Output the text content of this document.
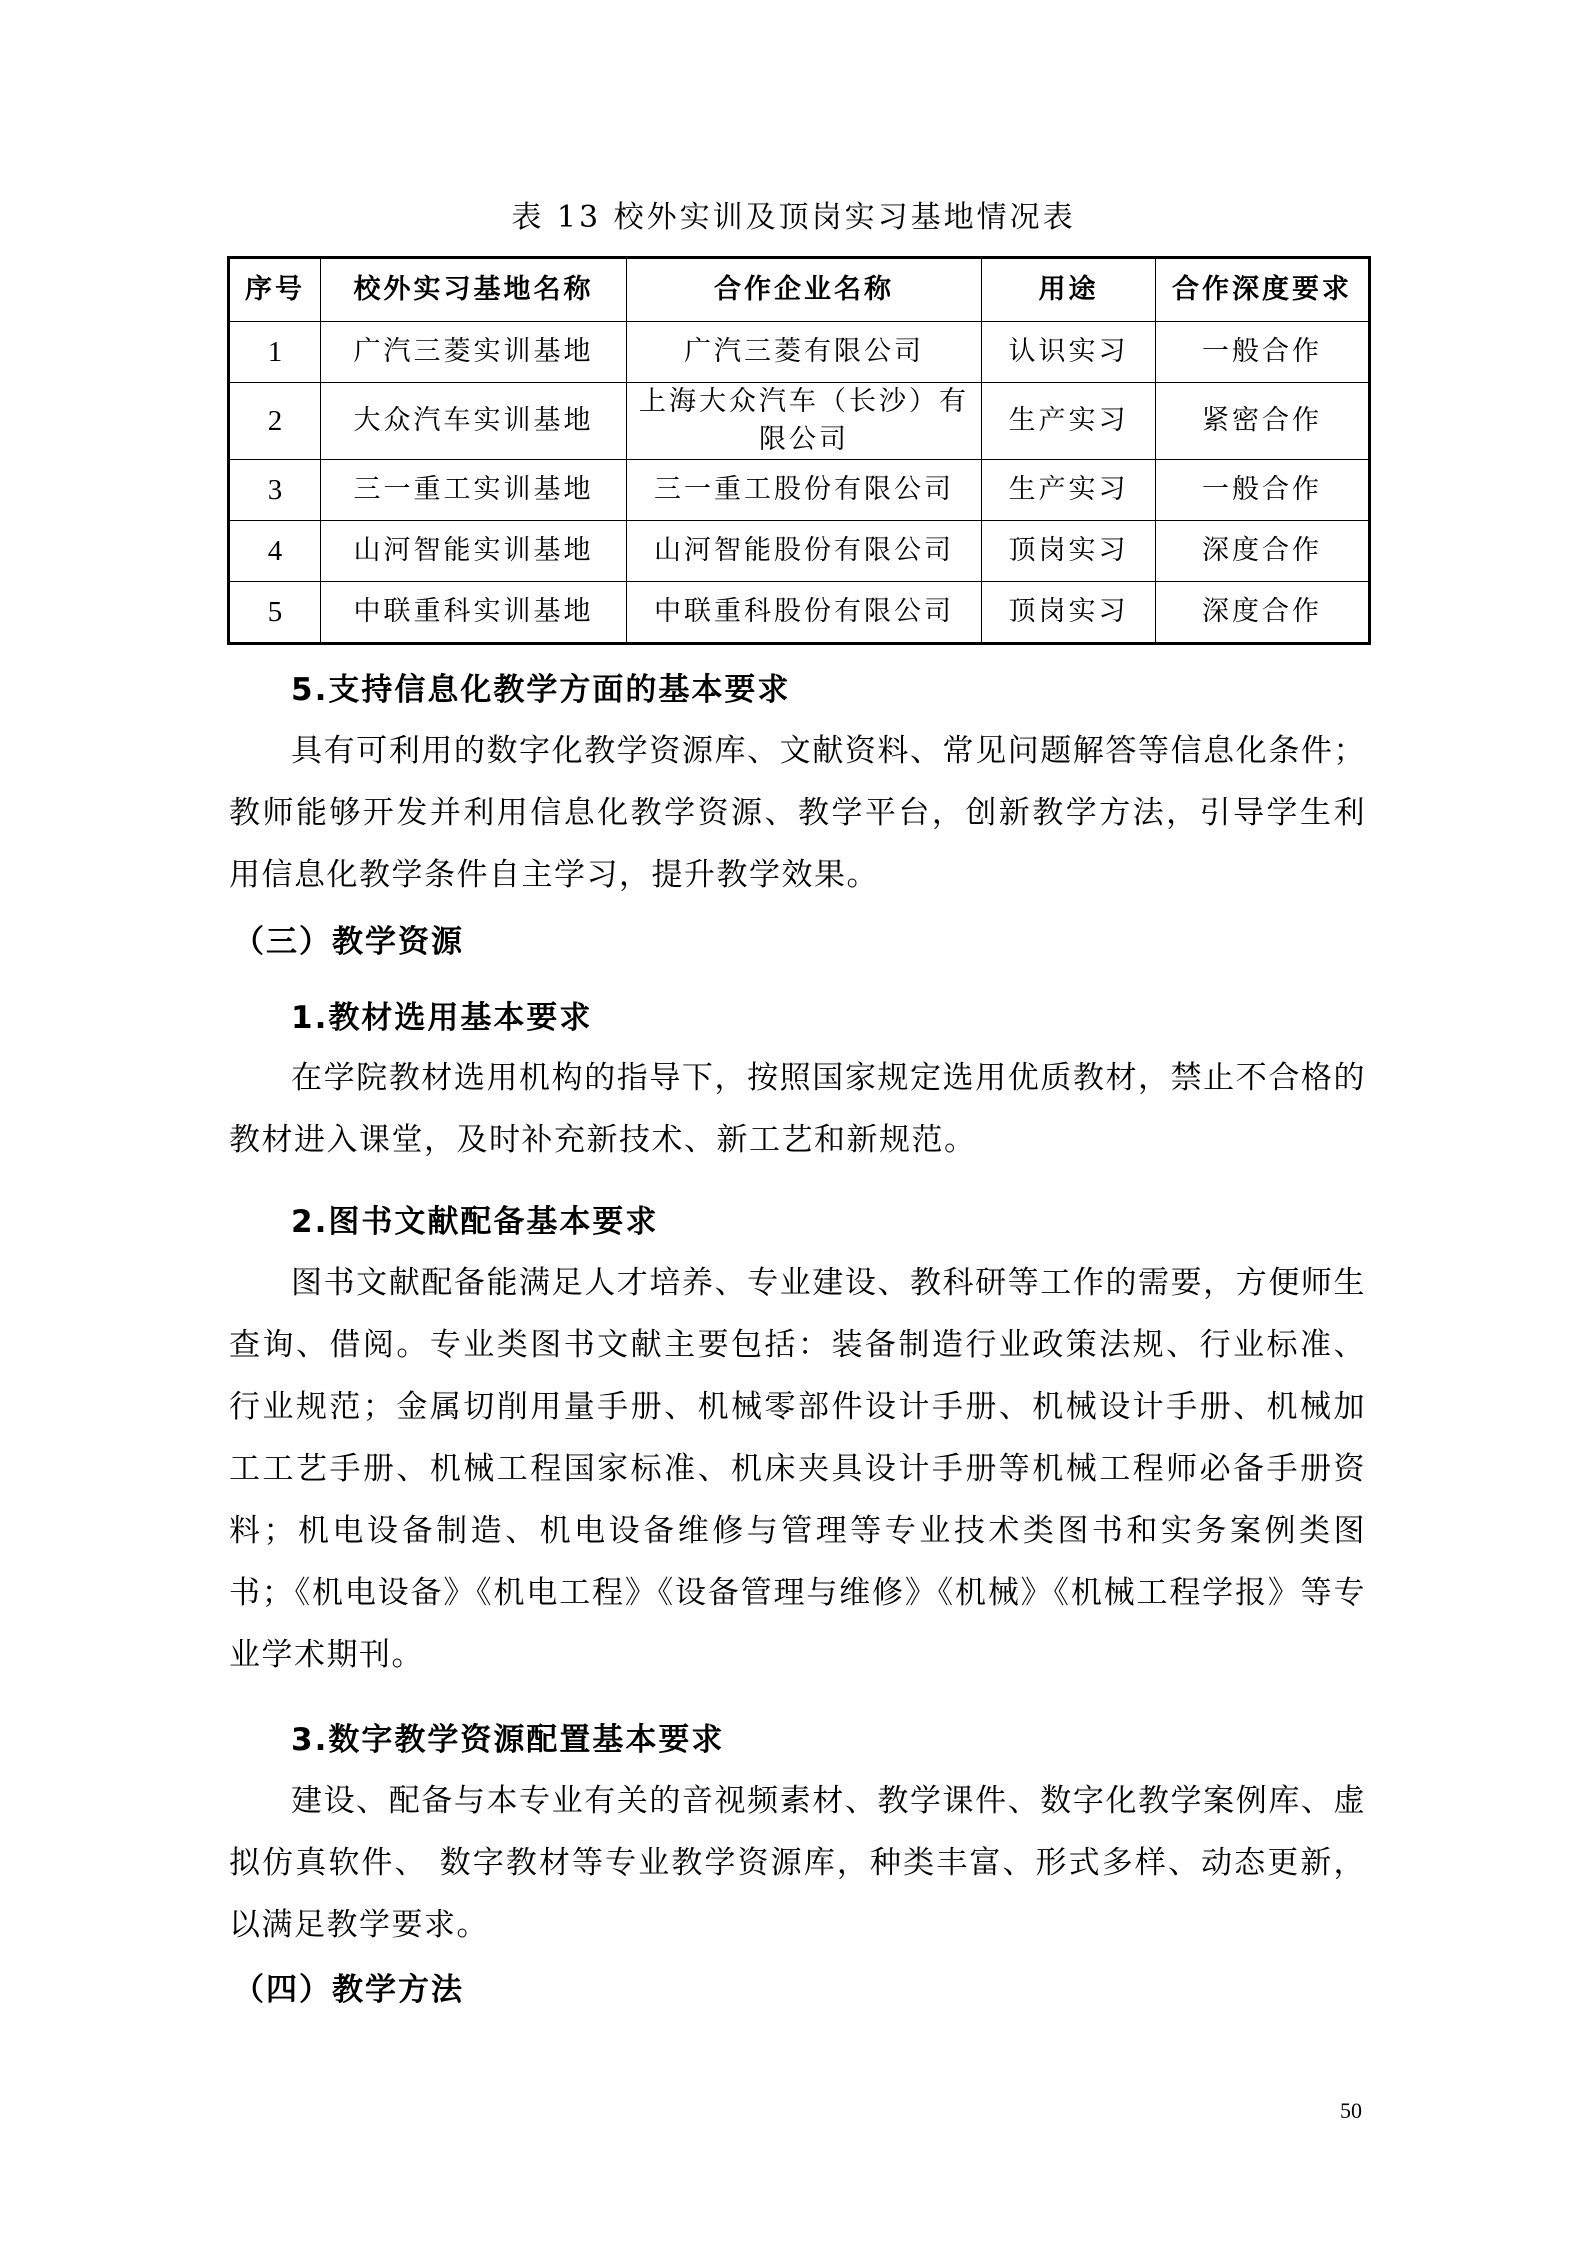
表 13 校外实训及顶岗实习基地情况表
序号	校外实习基地名称	合作企业名称	用途	合作深度要求
1	广汽三菱实训基地	广汽三菱有限公司	认识实习	一般合作
2	大众汽车实训基地	上海大众汽车（长沙）有限公司	生产实习	紧密合作
3	三一重工实训基地	三一重工股份有限公司	生产实习	一般合作
4	山河智能实训基地	山河智能股份有限公司	顶岗实习	深度合作
5	中联重科实训基地	中联重科股份有限公司	顶岗实习	深度合作
5.支持信息化教学方面的基本要求
具有可利用的数字化教学资源库、文献资料、常见问题解答等信息化条件；教师能够开发并利用信息化教学资源、教学平台，创新教学方法，引导学生利用信息化教学条件自主学习，提升教学效果。
（三）教学资源
1.教材选用基本要求
在学院教材选用机构的指导下，按照国家规定选用优质教材，禁止不合格的教材进入课堂，及时补充新技术、新工艺和新规范。
2.图书文献配备基本要求
图书文献配备能满足人才培养、专业建设、教科研等工作的需要，方便师生查询、借阅。专业类图书文献主要包括：装备制造行业政策法规、行业标准、行业规范；金属切削用量手册、机械零部件设计手册、机械设计手册、机械加工工艺手册、机械工程国家标准、机床夹具设计手册等机械工程师必备手册资料；机电设备制造、机电设备维修与管理等专业技术类图书和实务案例类图书；《机电设备》《机电工程》《设备管理与维修》《机械》《机械工程学报》等专业学术期刊。
3.数字教学资源配置基本要求
建设、配备与本专业有关的音视频素材、教学课件、数字化教学案例库、虚拟仿真软件、 数字教材等专业教学资源库，种类丰富、形式多样、动态更新，以满足教学要求。
（四）教学方法
50
